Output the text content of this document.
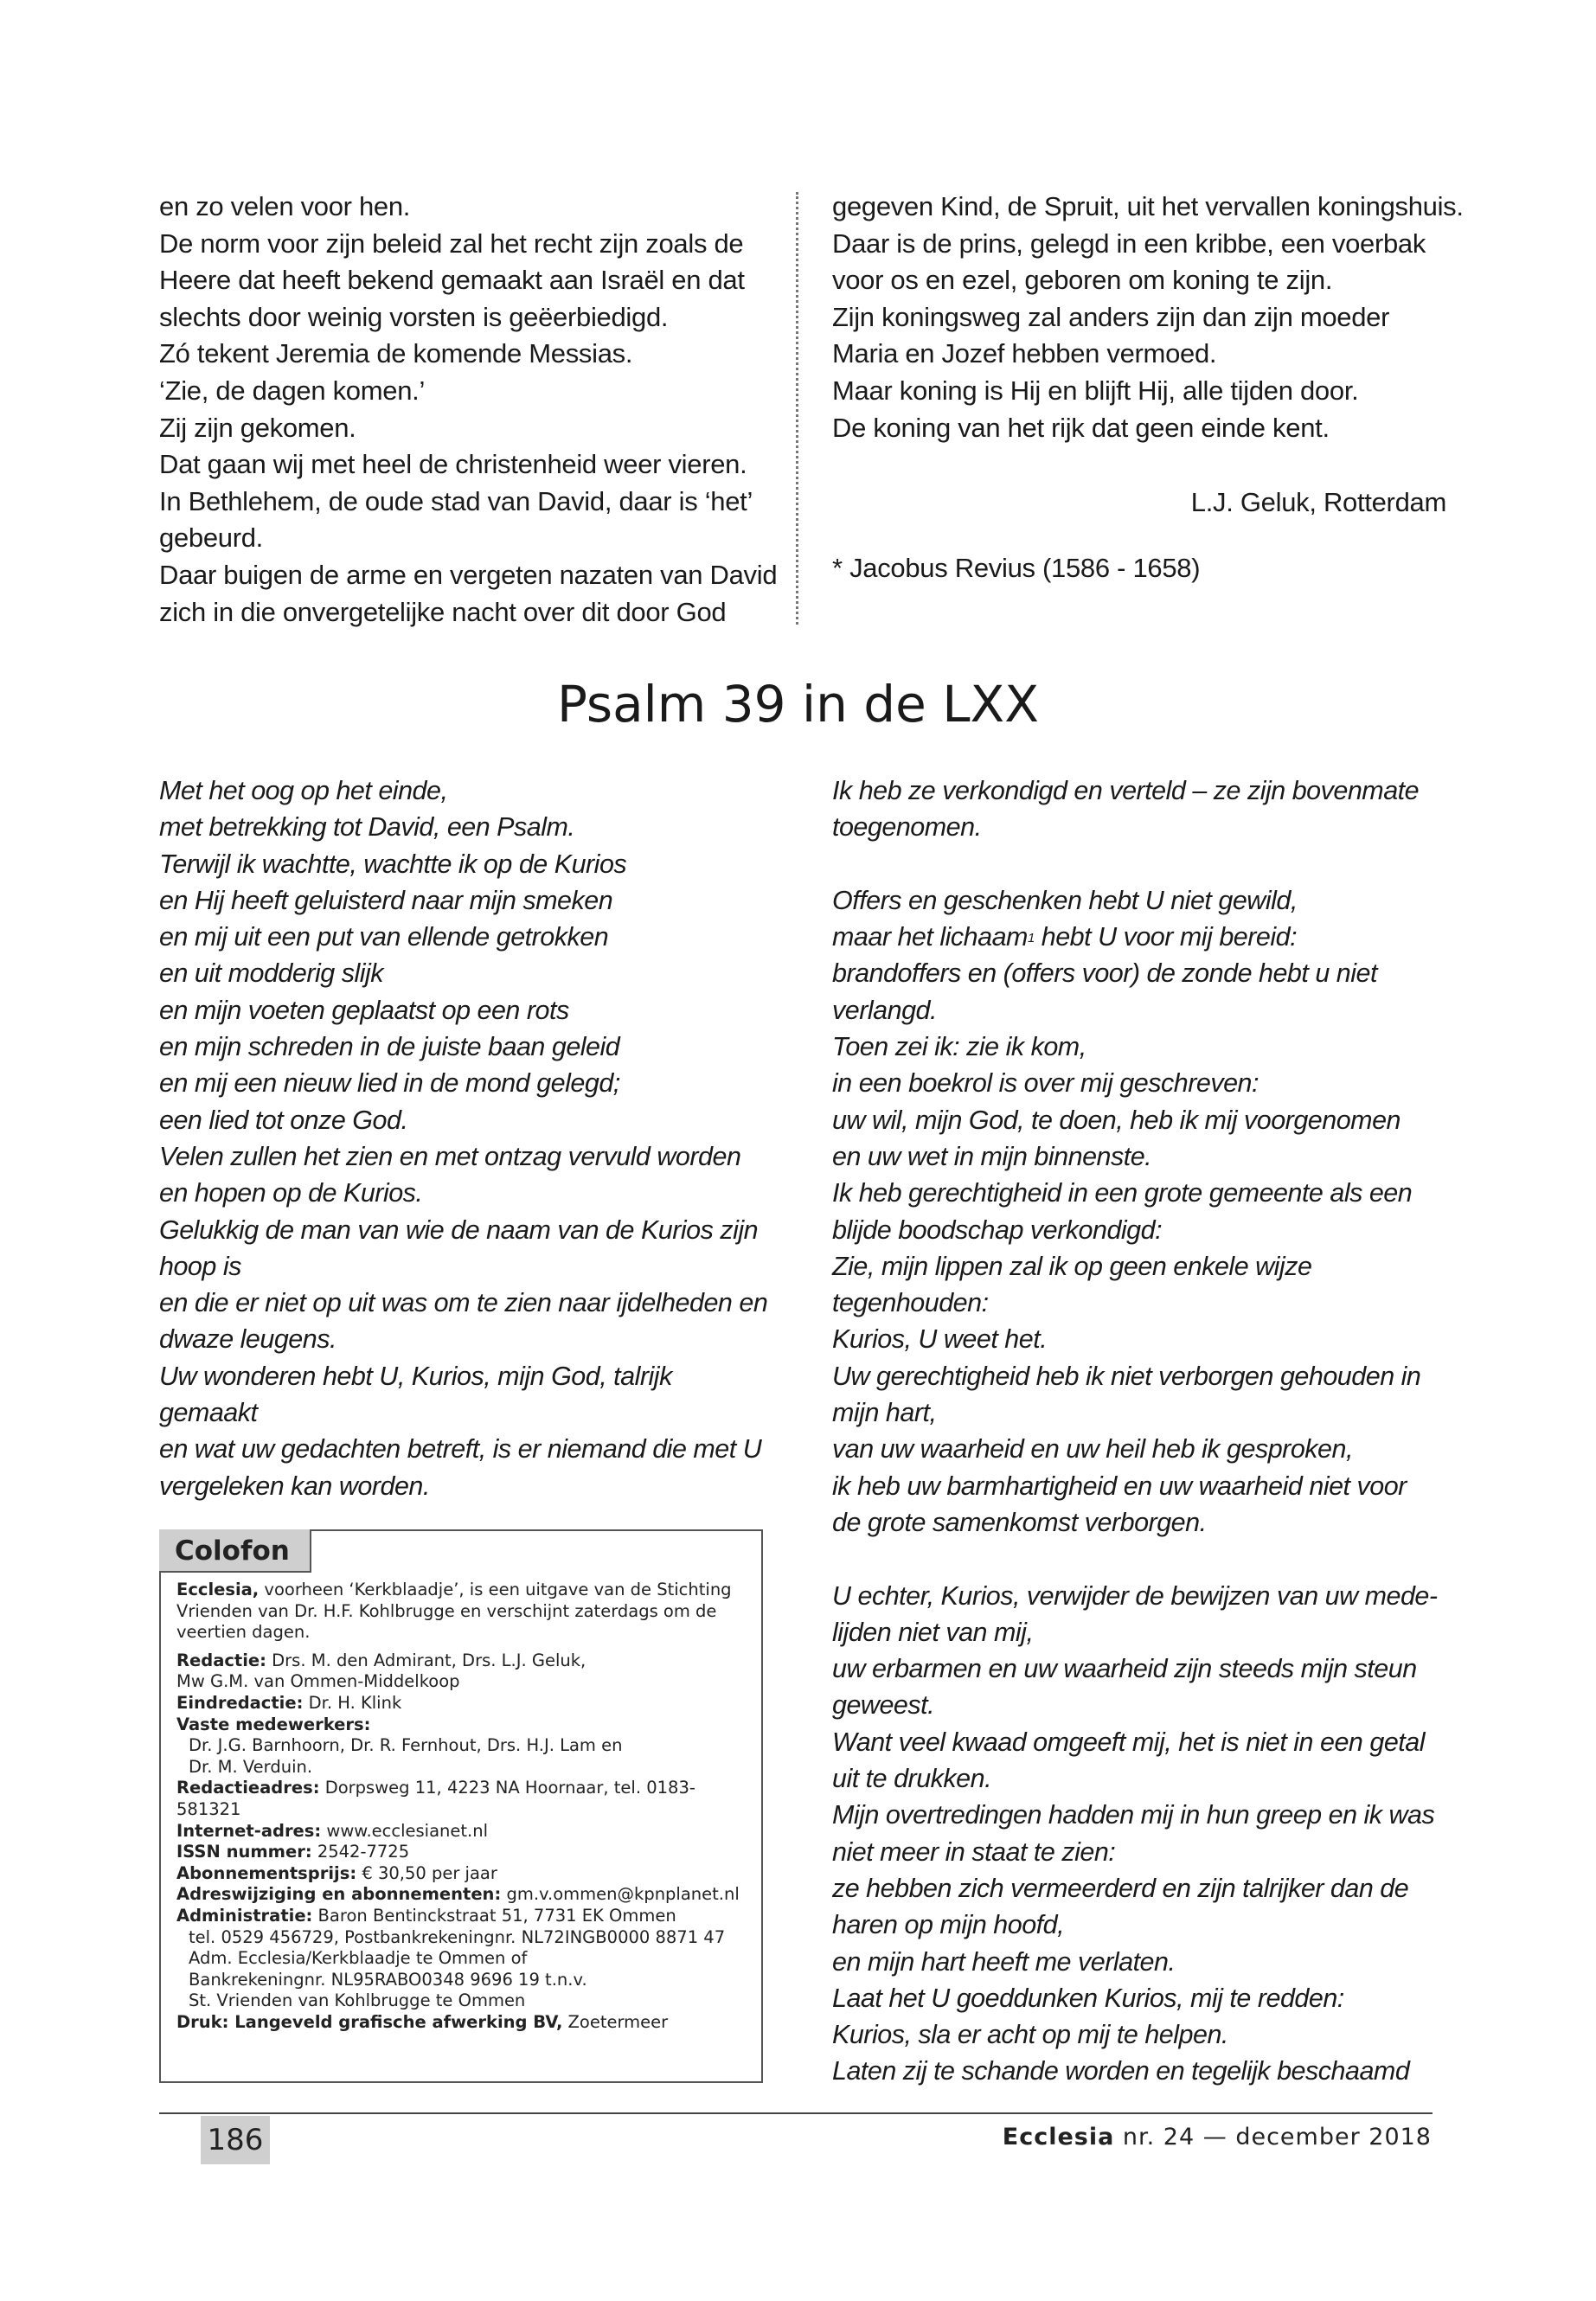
en zo velen voor hen.
De norm voor zijn beleid zal het recht zijn zoals de
Heere dat heeft bekend gemaakt aan Israël en dat
slechts door weinig vorsten is geëerbiedigd.
Zó tekent Jeremia de komende Messias.
‘Zie, de dagen komen.’
Zij zijn gekomen.
Dat gaan wij met heel de christenheid weer vieren.
In Bethlehem, de oude stad van David, daar is ‘het’
gebeurd.
Daar buigen de arme en vergeten nazaten van David
zich in die onvergetelijke nacht over dit door God
gegeven Kind, de Spruit, uit het vervallen koningshuis.
Daar is de prins, gelegd in een kribbe, een voerbak
voor os en ezel, geboren om koning te zijn.
Zijn koningsweg zal anders zijn dan zijn moeder
Maria en Jozef hebben vermoed.
Maar koning is Hij en blijft Hij, alle tijden door.
De koning van het rijk dat geen einde kent.
L.J. Geluk, Rotterdam
* Jacobus Revius (1586 - 1658)
Psalm 39 in de LXX
Met het oog op het einde,
met betrekking tot David, een Psalm.
Terwijl ik wachtte, wachtte ik op de Kurios
en Hij heeft geluisterd naar mijn smeken
en mij uit een put van ellende getrokken
en uit modderig slijk
en mijn voeten geplaatst op een rots
en mijn schreden in de juiste baan geleid
en mij een nieuw lied in de mond gelegd;
een lied tot onze God.
Velen zullen het zien en met ontzag vervuld worden
en hopen op de Kurios.
Gelukkig de man van wie de naam van de Kurios zijn
hoop is
en die er niet op uit was om te zien naar ijdelheden en
dwaze leugens.
Uw wonderen hebt U, Kurios, mijn God, talrijk
gemaakt
en wat uw gedachten betreft, is er niemand die met U
vergeleken kan worden.
Ik heb ze verkondigd en verteld – ze zijn bovenmate
toegenomen.
Offers en geschenken hebt U niet gewild,
maar het lichaam$^1$ hebt U voor mij bereid:
brandoffers en (offers voor) de zonde hebt u niet
verlangd.
Toen zei ik: zie ik kom,
in een boekrol is over mij geschreven:
uw wil, mijn God, te doen, heb ik mij voorgenomen
en uw wet in mijn binnenste.
Ik heb gerechtigheid in een grote gemeente als een
blijde boodschap verkondigd:
Zie, mijn lippen zal ik op geen enkele wijze
tegenhouden:
Kurios, U weet het.
Uw gerechtigheid heb ik niet verborgen gehouden in
mijn hart,
van uw waarheid en uw heil heb ik gesproken,
ik heb uw barmhartigheid en uw waarheid niet voor
de grote samenkomst verborgen.
U echter, Kurios, verwijder de bewijzen van uw mede-
lijden niet van mij,
uw erbarmen en uw waarheid zijn steeds mijn steun
geweest.
Want veel kwaad omgeeft mij, het is niet in een getal
uit te drukken.
Mijn overtredingen hadden mij in hun greep en ik was
niet meer in staat te zien:
ze hebben zich vermeerderd en zijn talrijker dan de
haren op mijn hoofd,
en mijn hart heeft me verlaten.
Laat het U goeddunken Kurios, mij te redden:
Kurios, sla er acht op mij te helpen.
Laten zij te schande worden en tegelijk beschaamd
Colofon
Ecclesia, voorheen ‘Kerkblaadje’, is een uitgave van de Stichting
Vrienden van Dr. H.F. Kohlbrugge en verschijnt zaterdags om de
veertien dagen.
Redactie: Drs. M. den Admirant, Drs. L.J. Geluk,
Mw G.M. van Ommen-Middelkoop
Eindredactie: Dr. H. Klink
Vaste medewerkers:
Dr. J.G. Barnhoorn, Dr. R. Fernhout, Drs. H.J. Lam en
Dr. M. Verduin.
Redactieadres: Dorpsweg 11, 4223 NA Hoornaar, tel. 0183-581321
Internet-adres: www.ecclesianet.nl
ISSN nummer: 2542-7725
Abonnementsprijs: € 30,50 per jaar
Adreswijziging en abonnementen: gm.v.ommen@kpnplanet.nl
Administratie: Baron Bentinckstraat 51, 7731 EK Ommen
tel. 0529 456729, Postbankrekeningnr. NL72INGB0000 8871 47
Adm. Ecclesia/Kerkblaadje te Ommen of
Bankrekeningnr. NL95RABO0348 9696 19 t.n.v.
St. Vrienden van Kohlbrugge te Ommen
Druk: Langeveld grafische afwerking BV, Zoetermeer
186	Ecclesia nr. 24 — december 2018
